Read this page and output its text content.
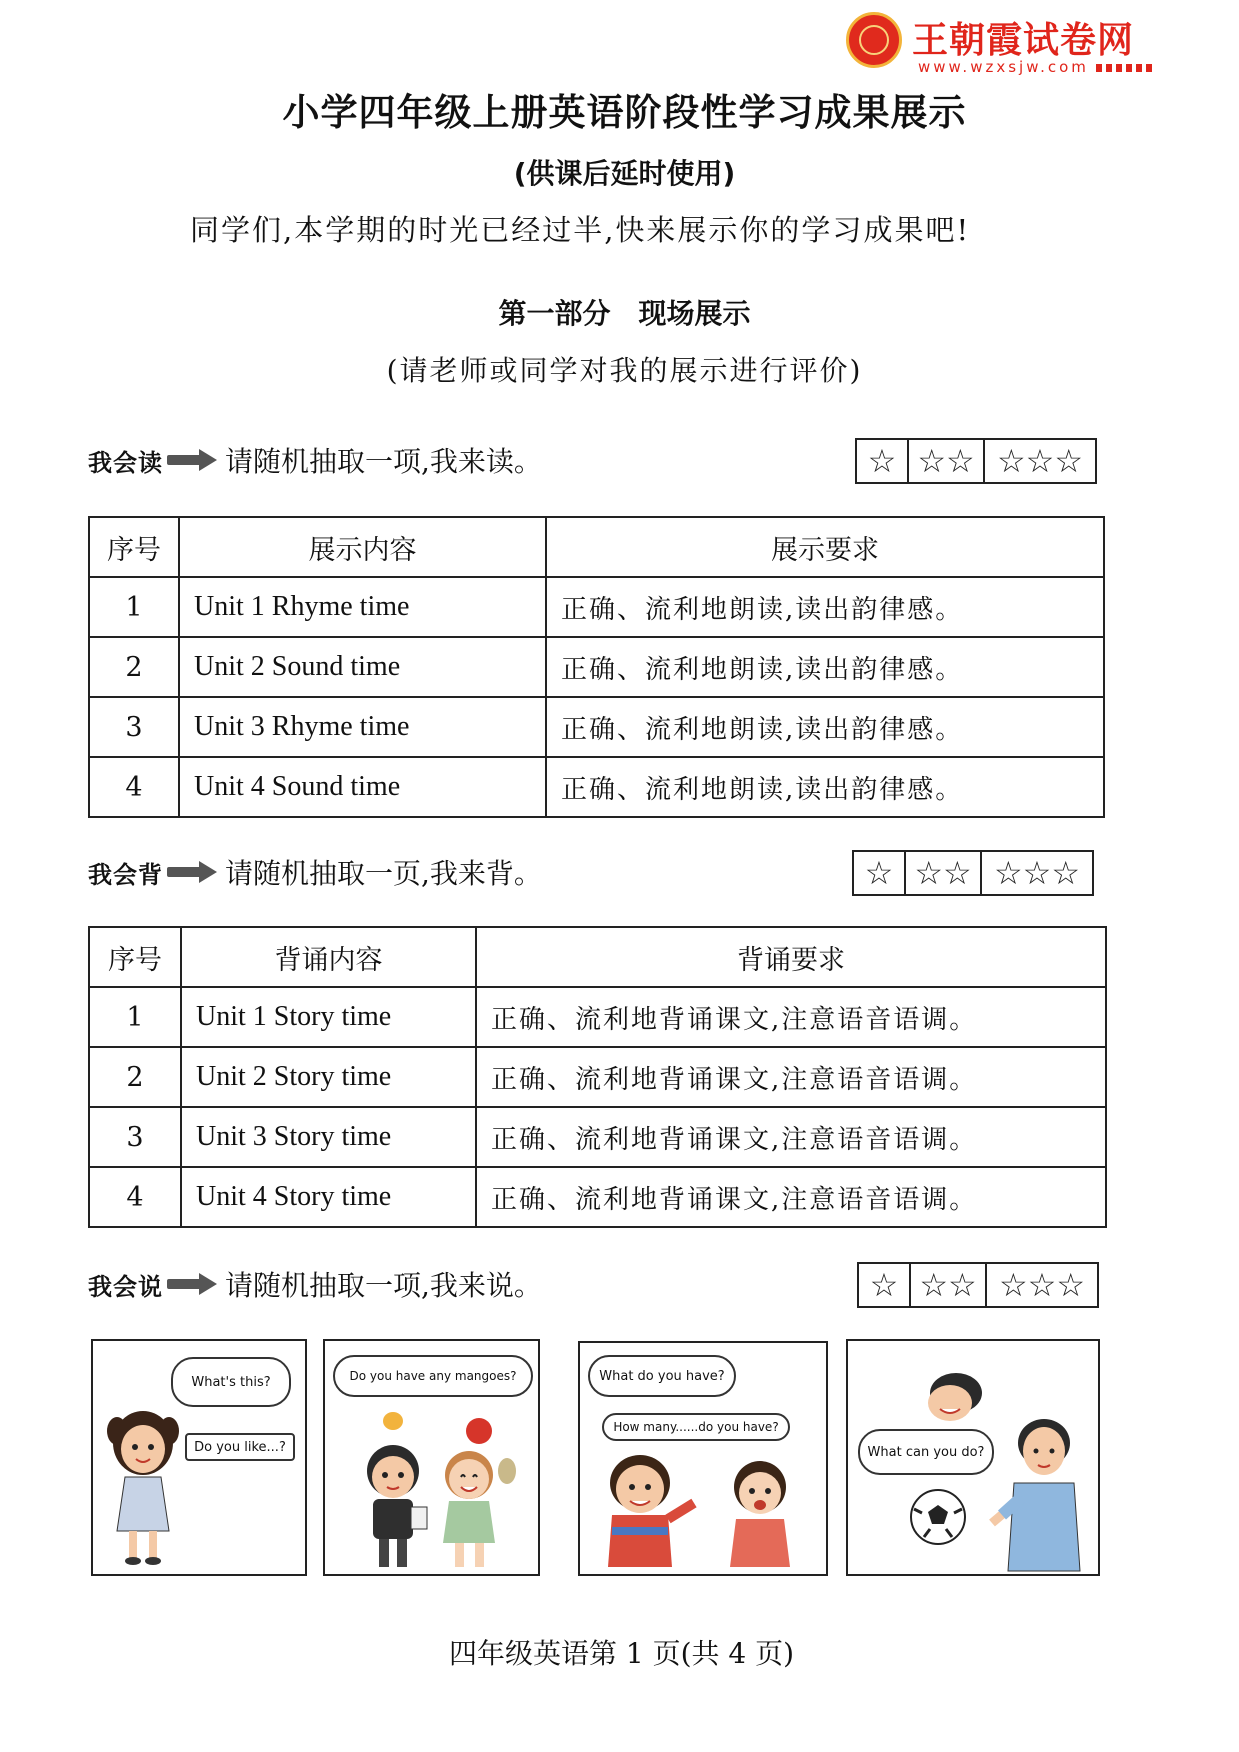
王朝霞试卷网
www.wzxsjw.com
小学四年级上册英语阶段性学习成果展示
(供课后延时使用)
同学们,本学期的时光已经过半,快来展示你的学习成果吧!
第一部分　现场展示
(请老师或同学对我的展示进行评价)
我会读 请随机抽取一项,我来读。	☆ ☆☆ ☆☆☆
序号	展示内容	展示要求
1	Unit 1 Rhyme time	正确、流利地朗读,读出韵律感。
2	Unit 2 Sound time	正确、流利地朗读,读出韵律感。
3	Unit 3 Rhyme time	正确、流利地朗读,读出韵律感。
4	Unit 4 Sound time	正确、流利地朗读,读出韵律感。
我会背 请随机抽取一页,我来背。	☆ ☆☆ ☆☆☆
序号	背诵内容	背诵要求
1	Unit 1 Story time	正确、流利地背诵课文,注意语音语调。
2	Unit 2 Story time	正确、流利地背诵课文,注意语音语调。
3	Unit 3 Story time	正确、流利地背诵课文,注意语音语调。
4	Unit 4 Story time	正确、流利地背诵课文,注意语音语调。
我会说 请随机抽取一项,我来说。	☆ ☆☆ ☆☆☆
What's this?
Do you like...?
Do you have any mangoes?	What do you have?
How many......do you have?
What can you do?
四年级英语第 1 页(共 4 页)
